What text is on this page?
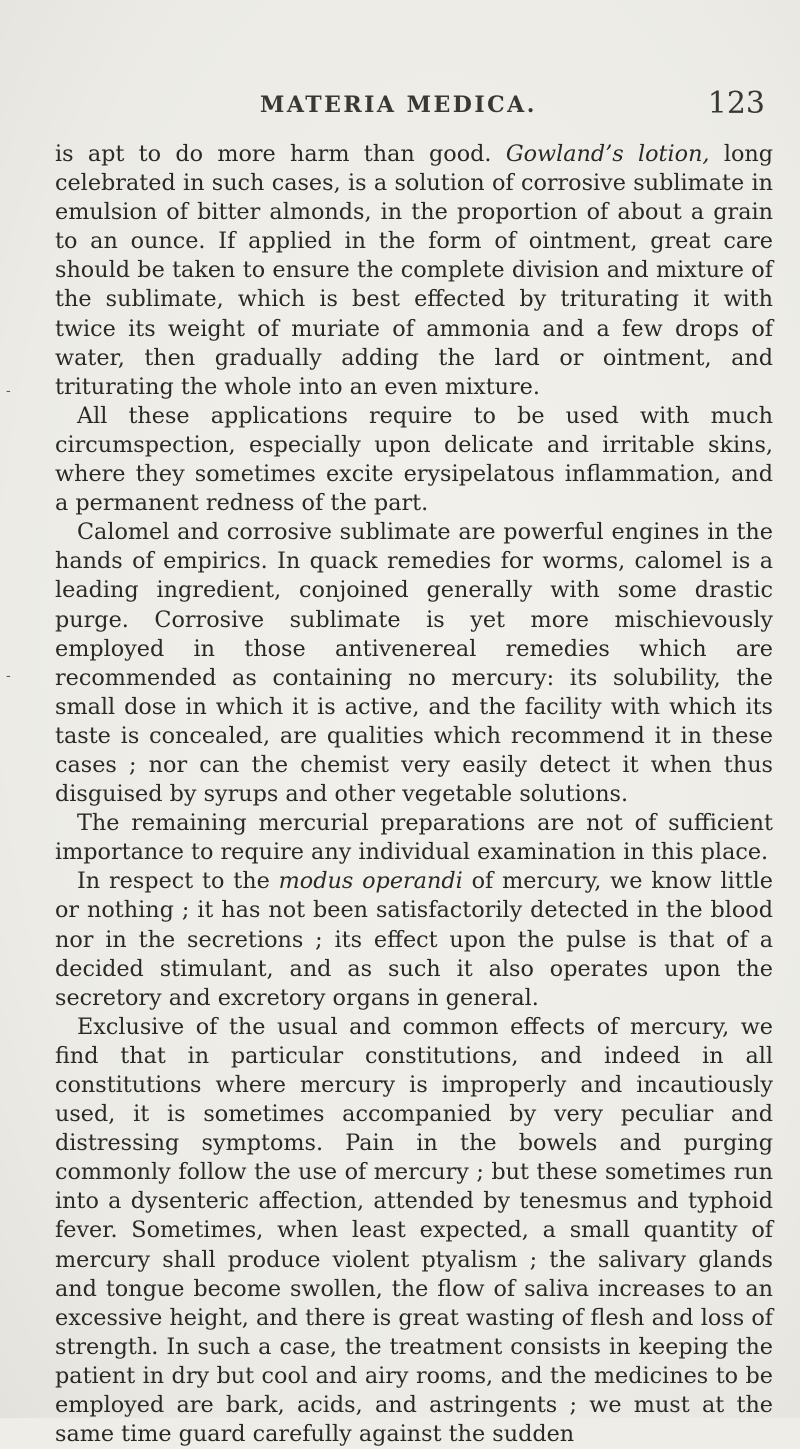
MATERIA MEDICA.	123
-
-

is apt to do more harm than good. Gowland’s lotion, long celebrated in such cases, is a solution of corrosive sublimate in emulsion of bitter almonds, in the proportion of about a grain to an ounce. If applied in the form of ointment, great care should be taken to ensure the complete division and mixture of the sublimate, which is best effected by triturating it with twice its weight of muriate of ammonia and a few drops of water, then gradually adding the lard or ointment, and triturating the whole into an even mixture.

All these applications require to be used with much circumspection, especially upon delicate and irritable skins, where they sometimes excite erysipelatous inflammation, and a permanent redness of the part.

Calomel and corrosive sublimate are powerful engines in the hands of empirics. In quack remedies for worms, calomel is a leading ingredient, conjoined generally with some drastic purge. Corrosive sublimate is yet more mischievously employed in those antivenereal remedies which are recommended as containing no mercury: its solubility, the small dose in which it is active, and the facility with which its taste is concealed, are qualities which recommend it in these cases ; nor can the chemist very easily detect it when thus disguised by syrups and other vegetable solutions.

The remaining mercurial preparations are not of sufficient importance to require any individual examination in this place.

In respect to the modus operandi of mercury, we know little or nothing ; it has not been satisfactorily detected in the blood nor in the secretions ; its effect upon the pulse is that of a decided stimulant, and as such it also operates upon the secretory and excretory organs in general.

Exclusive of the usual and common effects of mercury, we find that in particular constitutions, and indeed in all constitutions where mercury is improperly and incautiously used, it is sometimes accompanied by very peculiar and distressing symptoms. Pain in the bowels and purging commonly follow the use of mercury ; but these sometimes run into a dysenteric affection, attended by tenesmus and typhoid fever. Sometimes, when least expected, a small quantity of mercury shall produce violent ptyalism ; the salivary glands and tongue become swollen, the flow of saliva increases to an excessive height, and there is great wasting of flesh and loss of strength. In such a case, the treatment consists in keeping the patient in dry but cool and airy rooms, and the medicines to be employed are bark, acids, and astringents ; we must at the same time guard carefully against the sudden
